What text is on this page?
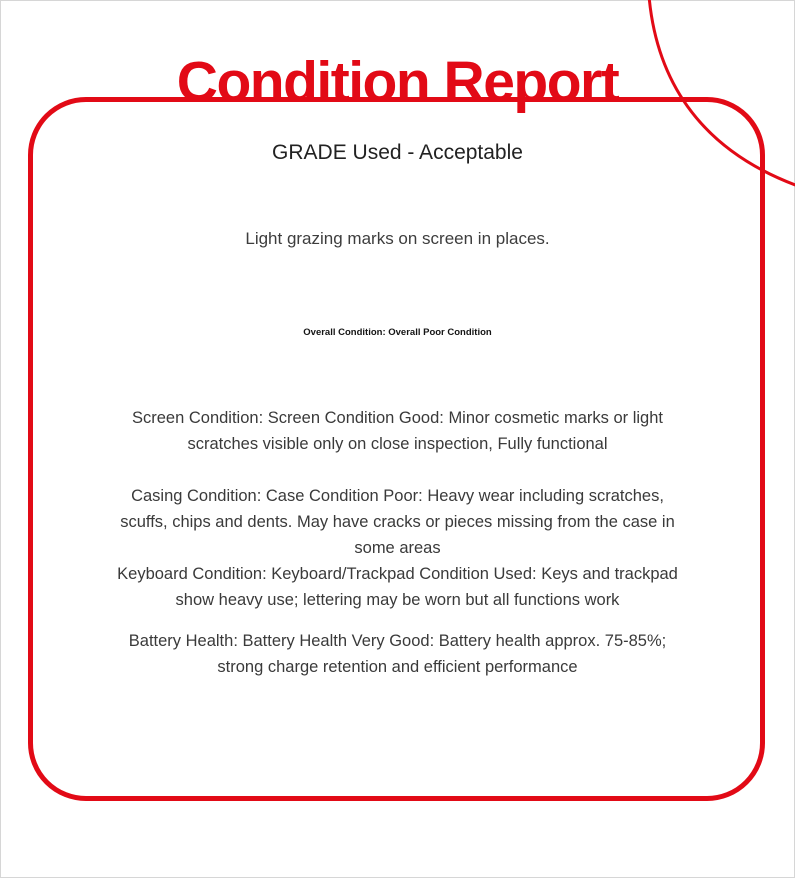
Condition Report
GRADE Used - Acceptable
Light grazing marks on screen in places.
Overall Condition: Overall Poor Condition
Screen Condition: Screen Condition Good: Minor cosmetic marks or light
scratches visible only on close inspection, Fully functional
Casing Condition: Case Condition Poor: Heavy wear including scratches,
scuffs, chips and dents. May have cracks or pieces missing from the case in
some areas
Keyboard Condition: Keyboard/Trackpad Condition Used: Keys and trackpad
show heavy use; lettering may be worn but all functions work
Battery Health: Battery Health Very Good: Battery health approx. 75-85%;
strong charge retention and efficient performance
